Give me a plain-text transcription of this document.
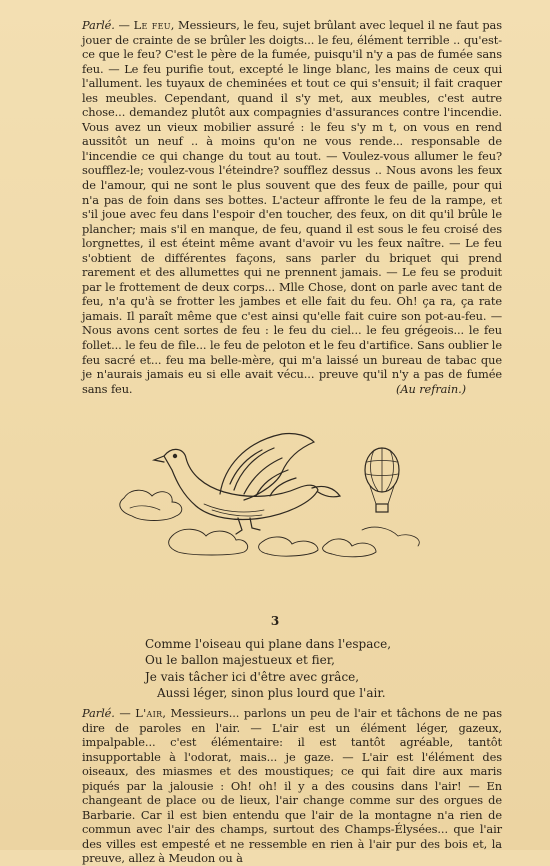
Parlé. — Le feu, Messieurs, le feu, sujet brûlant avec lequel il ne faut pas jouer de crainte de se brûler les doigts... le feu, élément terrible .. qu'est-ce que le feu? C'est le père de la fumée, puisqu'il n'y a pas de fumée sans feu. — Le feu purifie tout, excepté le linge blanc, les mains de ceux qui l'allument. les tuyaux de cheminées et tout ce qui s'ensuit; il fait craquer les meubles. Cependant, quand il s'y met, aux meubles, c'est autre chose... demandez plutôt aux compagnies d'assurances contre l'incendie. Vous avez un vieux mobilier assuré : le feu s'y m t, on vous en rend aussitôt un neuf .. à moins qu'on ne vous rende... responsable de l'incendie ce qui change du tout au tout. — Voulez-vous allumer le feu? soufflez-le; voulez-vous l'éteindre? soufflez dessus .. Nous avons les feux de l'amour, qui ne sont le plus souvent que des feux de paille, pour qui n'a pas de foin dans ses bottes. L'acteur affronte le feu de la rampe, et s'il joue avec feu dans l'espoir d'en toucher, des feux, on dit qu'il brûle le plancher; mais s'il en manque, de feu, quand il est sous le feu croisé des lorgnettes, il est éteint même avant d'avoir vu les feux naître. — Le feu s'obtient de différentes façons, sans parler du briquet qui prend rarement et des allumettes qui ne prennent jamais. — Le feu se produit par le frottement de deux corps... Mlle Chose, dont on parle avec tant de feu, n'a qu'à se frotter les jambes et elle fait du feu. Oh! ça ra, ça rate jamais. Il paraît même que c'est ainsi qu'elle fait cuire son pot-au-feu. — Nous avons cent sortes de feu : le feu du ciel... le feu grégeois... le feu follet... le feu de file... le feu de peloton et le feu d'artifice. Sans oublier le feu sacré et... feu ma belle-mère, qui m'a laissé un bureau de tabac que je n'aurais jamais eu si elle avait vécu... preuve qu'il n'y a pas de fumée sans feu.	(Au refrain.)

3
Comme l'oiseau qui plane dans l'espace,
Ou le ballon majestueux et fier,
Je vais tâcher ici d'être avec grâce,
Aussi léger, sinon plus lourd que l'air.

Parlé. — L'air, Messieurs... parlons un peu de l'air et tâchons de ne pas dire de paroles en l'air. — L'air est un élément léger, gazeux, impalpable... c'est élémentaire: il est tantôt agréable, tantôt insupportable à l'odorat, mais... je gaze. — L'air est l'élément des oiseaux, des miasmes et des moustiques; ce qui fait dire aux maris piqués par la jalousie : Oh! oh! il y a des cousins dans l'air! — En changeant de place ou de lieux, l'air change comme sur des orgues de Barbarie. Car il est bien entendu que l'air de la montagne n'a rien de commun avec l'air des champs, surtout des Champs-Élysées... que l'air des villes est empesté et ne ressemble en rien à l'air pur des bois et, la preuve, allez à Meudon ou à
